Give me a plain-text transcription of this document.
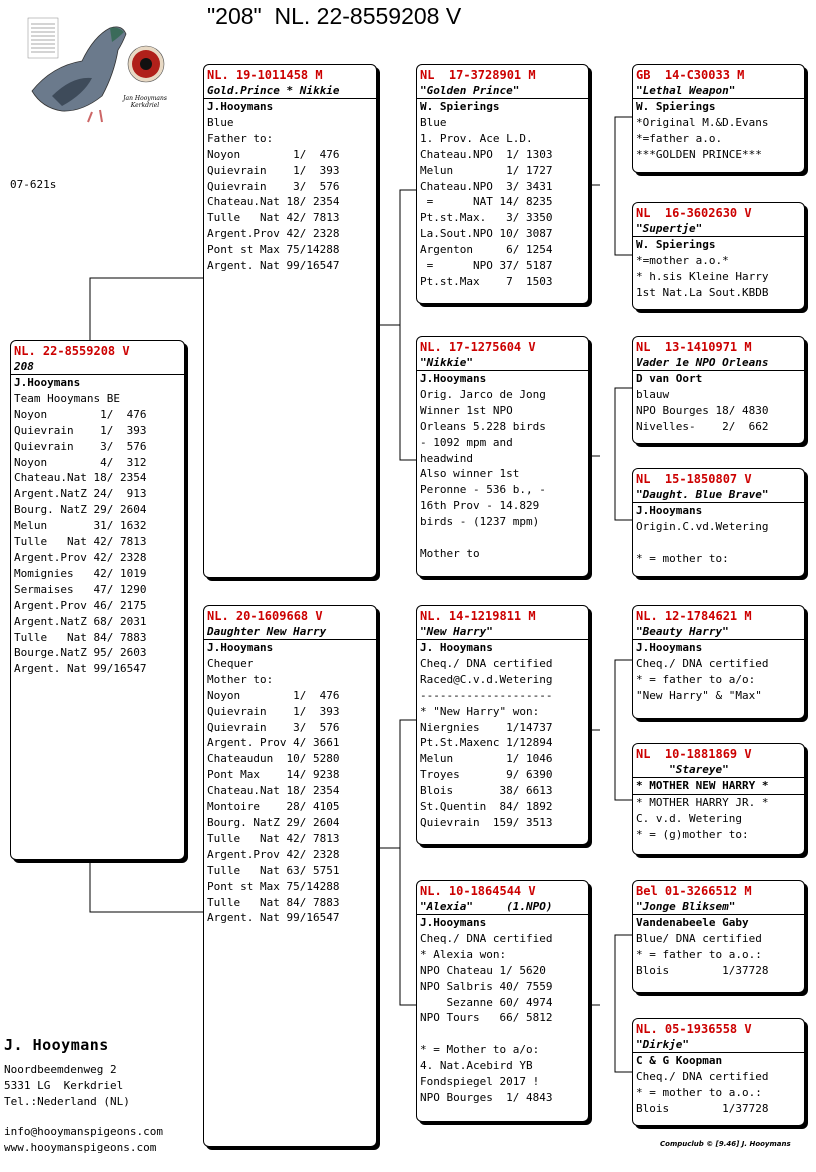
"208"  NL. 22-8559208 V
Jan Hooymans Kerkdriel
07-621s
NL. 22-8559208 V
208
J.Hooymans
Team Hooymans BE
Noyon        1/  476
Quievrain    1/  393
Quievrain    3/  576
Noyon        4/  312
Chateau.Nat 18/ 2354
Argent.NatZ 24/  913
Bourg. NatZ 29/ 2604
Melun       31/ 1632
Tulle   Nat 42/ 7813
Argent.Prov 42/ 2328
Momignies   42/ 1019
Sermaises   47/ 1290
Argent.Prov 46/ 2175
Argent.NatZ 68/ 2031
Tulle   Nat 84/ 7883
Bourge.NatZ 95/ 2603
Argent. Nat 99/16547
NL. 19-1011458 M
Gold.Prince * Nikkie
J.Hooymans
Blue
Father to:
Noyon        1/  476
Quievrain    1/  393
Quievrain    3/  576
Chateau.Nat 18/ 2354
Tulle   Nat 42/ 7813
Argent.Prov 42/ 2328
Pont st Max 75/14288
Argent. Nat 99/16547
NL. 20-1609668 V
Daughter New Harry
J.Hooymans
Chequer
Mother to:
Noyon        1/  476
Quievrain    1/  393
Quievrain    3/  576
Argent. Prov 4/ 3661
Chateaudun  10/ 5280
Pont Max    14/ 9238
Chateau.Nat 18/ 2354
Montoire    28/ 4105
Bourg. NatZ 29/ 2604
Tulle   Nat 42/ 7813
Argent.Prov 42/ 2328
Tulle   Nat 63/ 5751
Pont st Max 75/14288
Tulle   Nat 84/ 7883
Argent. Nat 99/16547
NL  17-3728901 M
"Golden Prince"
W. Spierings
Blue
1. Prov. Ace L.D.
Chateau.NPO  1/ 1303
Melun        1/ 1727
Chateau.NPO  3/ 3431
=      NAT 14/ 8235
Pt.st.Max.   3/ 3350
La.Sout.NPO 10/ 3087
Argenton     6/ 1254
=      NPO 37/ 5187
Pt.st.Max    7  1503
NL. 17-1275604 V
"Nikkie"
J.Hooymans
Orig. Jarco de Jong
Winner 1st NPO
Orleans 5.228 birds
- 1092 mpm and
headwind
Also winner 1st
Peronne - 536 b., -
16th Prov - 14.829
birds - (1237 mpm)

Mother to
NL. 14-1219811 M
"New Harry"
J. Hooymans
Cheq./ DNA certified
Raced@C.v.d.Wetering
--------------------
* "New Harry" won:
Niergnies    1/14737
Pt.St.Maxenc 1/12894
Melun        1/ 1046
Troyes       9/ 6390
Blois       38/ 6613
St.Quentin  84/ 1892
Quievrain  159/ 3513
NL. 10-1864544 V
"Alexia"     (1.NPO)
J.Hooymans
Cheq./ DNA certified
* Alexia won:
NPO Chateau 1/ 5620
NPO Salbris 40/ 7559
Sezanne 60/ 4974
NPO Tours   66/ 5812

* = Mother to a/o:
4. Nat.Acebird YB
Fondspiegel 2017 !
NPO Bourges  1/ 4843
GB  14-C30033 M
"Lethal Weapon"
W. Spierings
*Original M.&D.Evans
*=father a.o.
***GOLDEN PRINCE***
NL  16-3602630 V
"Supertje"
W. Spierings
*=mother a.o.*
* h.sis Kleine Harry
1st Nat.La Sout.KBDB
NL  13-1410971 M
Vader 1e NPO Orleans
D van Oort
blauw
NPO Bourges 18/ 4830
Nivelles-    2/  662
NL  15-1850807 V
"Daught. Blue Brave"
J.Hooymans
Origin.C.vd.Wetering

* = mother to:
NL. 12-1784621 M
"Beauty Harry"
J.Hooymans
Cheq./ DNA certified
* = father to a/o:
"New Harry" & "Max"
NL  10-1881869 V
"Stareye"
* MOTHER NEW HARRY *
* MOTHER HARRY JR. *
C. v.d. Wetering
* = (g)mother to:
Bel 01-3266512 M
"Jonge Bliksem"
Vandenabeele Gaby
Blue/ DNA certified
* = father to a.o.:
Blois        1/37728
NL. 05-1936558 V
"Dirkje"
C & G Koopman
Cheq./ DNA certified
* = mother to a.o.:
Blois        1/37728
J. Hooymans
Noordbeemdenweg 2
5331 LG  Kerkdriel
Tel.:Nederland (NL)
info@hooymanspigeons.com
www.hooymanspigeons.com	Compuclub © [9.46] J. Hooymans
